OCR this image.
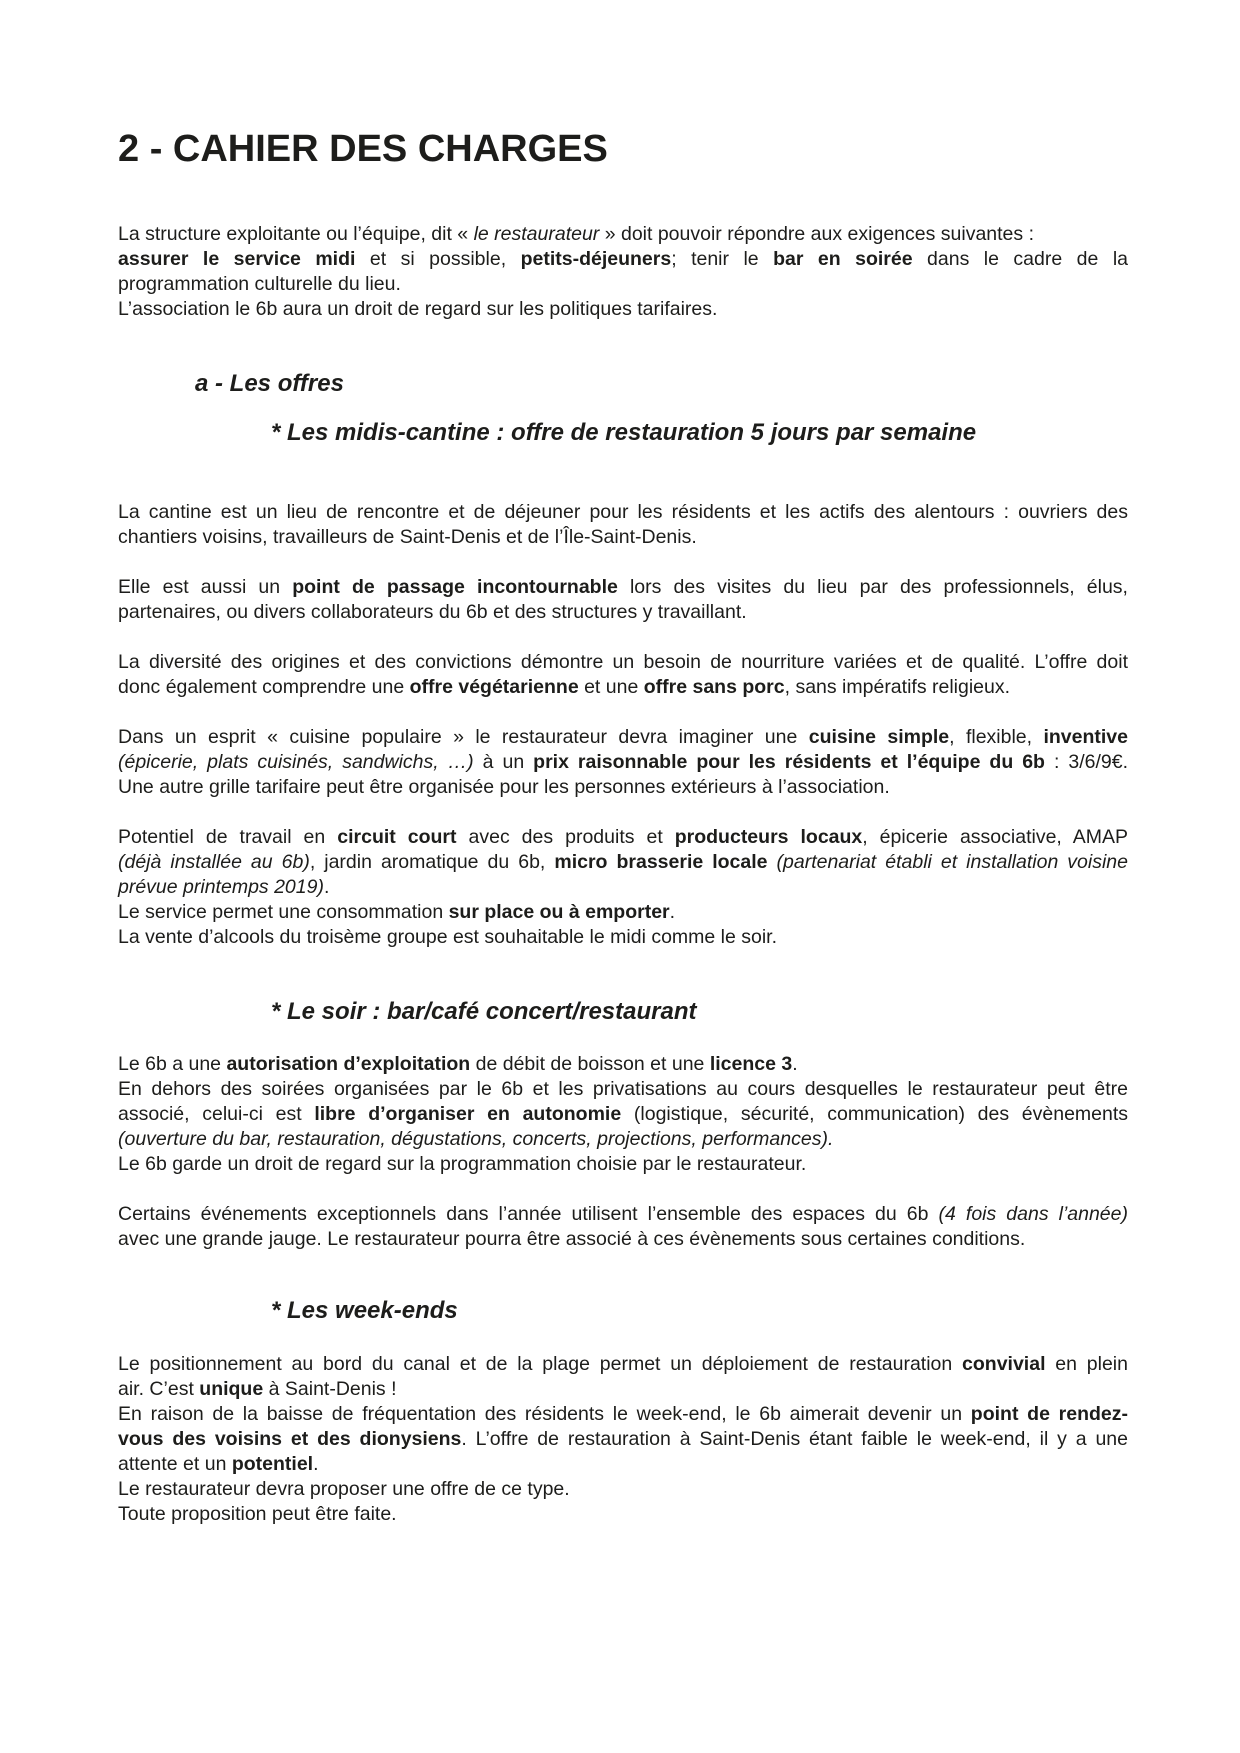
2 - CAHIER DES CHARGES
La structure exploitante ou l’équipe, dit « le restaurateur » doit pouvoir répondre aux exigences suivantes :
assurer le service midi et si possible, petits-déjeuners; tenir le bar en soirée dans le cadre de la
programmation culturelle du lieu.
L’association le 6b aura un droit de regard sur les politiques tarifaires.
a - Les offres
* Les midis-cantine : offre de restauration 5 jours par semaine
La cantine est un lieu de rencontre et de déjeuner pour les résidents et les actifs des alentours : ouvriers des
chantiers voisins, travailleurs de Saint-Denis et de l’Île-Saint-Denis.
Elle est aussi un point de passage incontournable lors des visites du lieu par des professionnels, élus,
partenaires, ou divers collaborateurs du 6b et des structures y travaillant.
La diversité des origines et des convictions démontre un besoin de nourriture variées et de qualité. L’offre doit
donc également comprendre une offre végétarienne et une offre sans porc, sans impératifs religieux.
Dans un esprit « cuisine populaire » le restaurateur devra imaginer une cuisine simple, flexible, inventive
(épicerie, plats cuisinés, sandwichs, …) à un prix raisonnable pour les résidents et l’équipe du 6b : 3/6/9€.
Une autre grille tarifaire peut être organisée pour les personnes extérieurs à l’association.
Potentiel de travail en circuit court avec des produits et producteurs locaux, épicerie associative, AMAP
(déjà installée au 6b), jardin aromatique du 6b, micro brasserie locale (partenariat établi et installation voisine
prévue printemps 2019).
Le service permet une consommation sur place ou à emporter.
La vente d’alcools du troisème groupe est souhaitable le midi comme le soir.
* Le soir : bar/café concert/restaurant
Le 6b a une autorisation d’exploitation de débit de boisson et une licence 3.
En dehors des soirées organisées par le 6b et les privatisations au cours desquelles le restaurateur peut être
associé, celui-ci est libre d’organiser en autonomie (logistique, sécurité, communication) des évènements
(ouverture du bar, restauration, dégustations, concerts, projections, performances).
Le 6b garde un droit de regard sur la programmation choisie par le restaurateur.
Certains événements exceptionnels dans l’année utilisent l’ensemble des espaces du 6b (4 fois dans l’année)
avec une grande jauge. Le restaurateur pourra être associé à ces évènements sous certaines conditions.
* Les week-ends
Le positionnement au bord du canal et de la plage permet un déploiement de restauration convivial en plein
air. C’est unique à Saint-Denis !
En raison de la baisse de fréquentation des résidents le week-end, le 6b aimerait devenir un point de rendez-
vous des voisins et des dionysiens. L’offre de restauration à Saint-Denis étant faible le week-end, il y a une
attente et un potentiel.
Le restaurateur devra proposer une offre de ce type.
Toute proposition peut être faite.
